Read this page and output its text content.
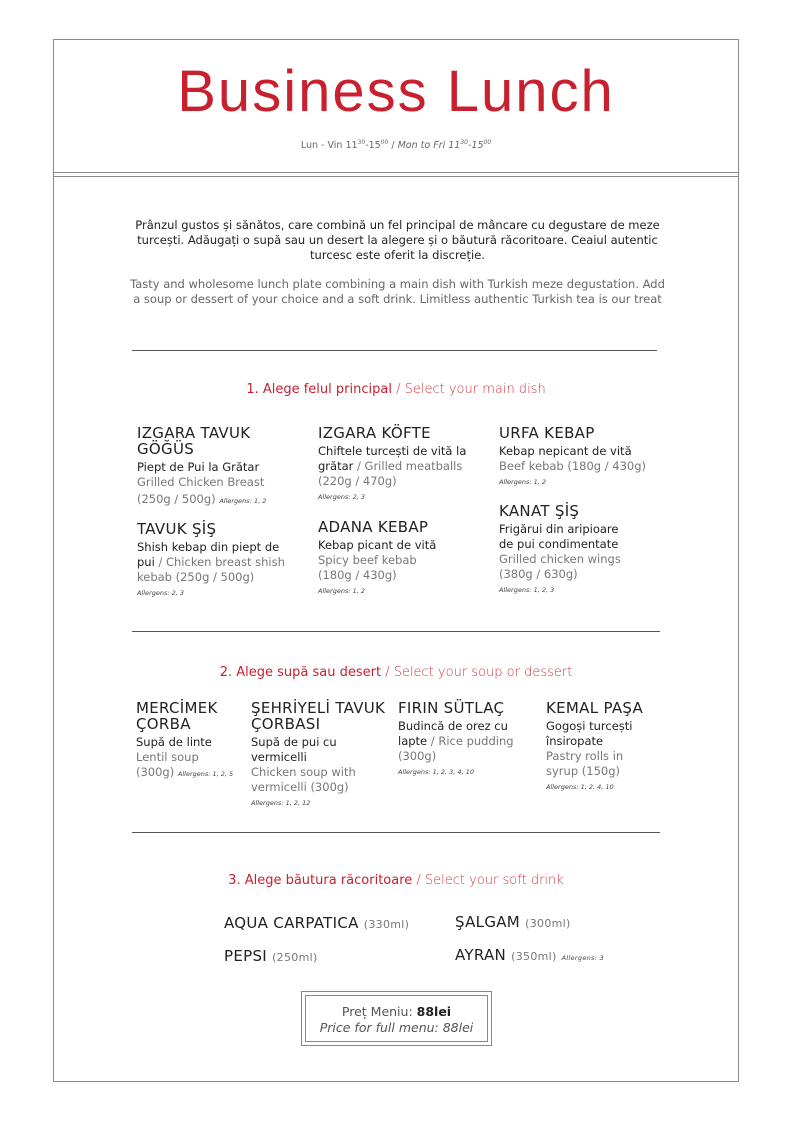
Business Lunch
Lun - Vin $11^{30}-15^{00}$ / Mon to Fri $11^{30}-15^{00}$
Prânzul gustos și sănătos, care combină un fel principal de mâncare cu degustare de meze turcești. Adăugați o supă sau un desert la alegere și o băutură răcoritoare. Ceaiul autentic turcesc este oferit la discreție.
Tasty and wholesome lunch plate combining a main dish with Turkish meze degustation. Add a soup or dessert of your choice and a soft drink. Limitless authentic Turkish tea is our treat
1. Alege felul principal / Select your main dish
IZGARA TAVUK GÖĞÜS
Piept de Pui la Grătar
Grilled Chicken Breast
(250g / 500g) Allergens: 1, 2
TAVUK ŞİŞ
Shish kebap din piept de pui / Chicken breast shish kebab (250g / 500g)
Allergens: 2, 3
IZGARA KÖFTE
Chiftele turcești de vită la grătar / Grilled meatballs (220g / 470g)
Allergens: 2, 3
ADANA KEBAP
Kebap picant de vită
Spicy beef kebab (180g / 430g)
Allergens: 1, 2
URFA KEBAP
Kebap nepicant de vită
Beef kebab (180g / 430g)
Allergens: 1, 2
KANAT ŞİŞ
Frigărui din aripioare de pui condimentate
Grilled chicken wings (380g / 630g)
Allergens: 1, 2, 3
2. Alege supă sau desert / Select your soup or dessert
MERCİMEK ÇORBA
Supă de linte
Lentil soup
(300g) Allergens: 1, 2, 5
ŞEHRİYELİ TAVUK ÇORBASI
Supă de pui cu vermicelli
Chicken soup with vermicelli (300g)
Allergens: 1, 2, 12
FIRIN SÜTLAÇ
Budincă de orez cu lapte / Rice pudding (300g)
Allergens: 1, 2, 3, 4, 10
KEMAL PAŞA
Gogoși turcești însiropate
Pastry rolls in syrup (150g)
Allergens: 1, 2, 4, 10
3. Alege băutura răcoritoare / Select your soft drink
AQUA CARPATICA (330ml)	ŞALGAM (300ml)
PEPSI (250ml)	AYRAN (350ml) Allergens: 3
Preț Meniu: 88lei
Price for full menu: 88lei
